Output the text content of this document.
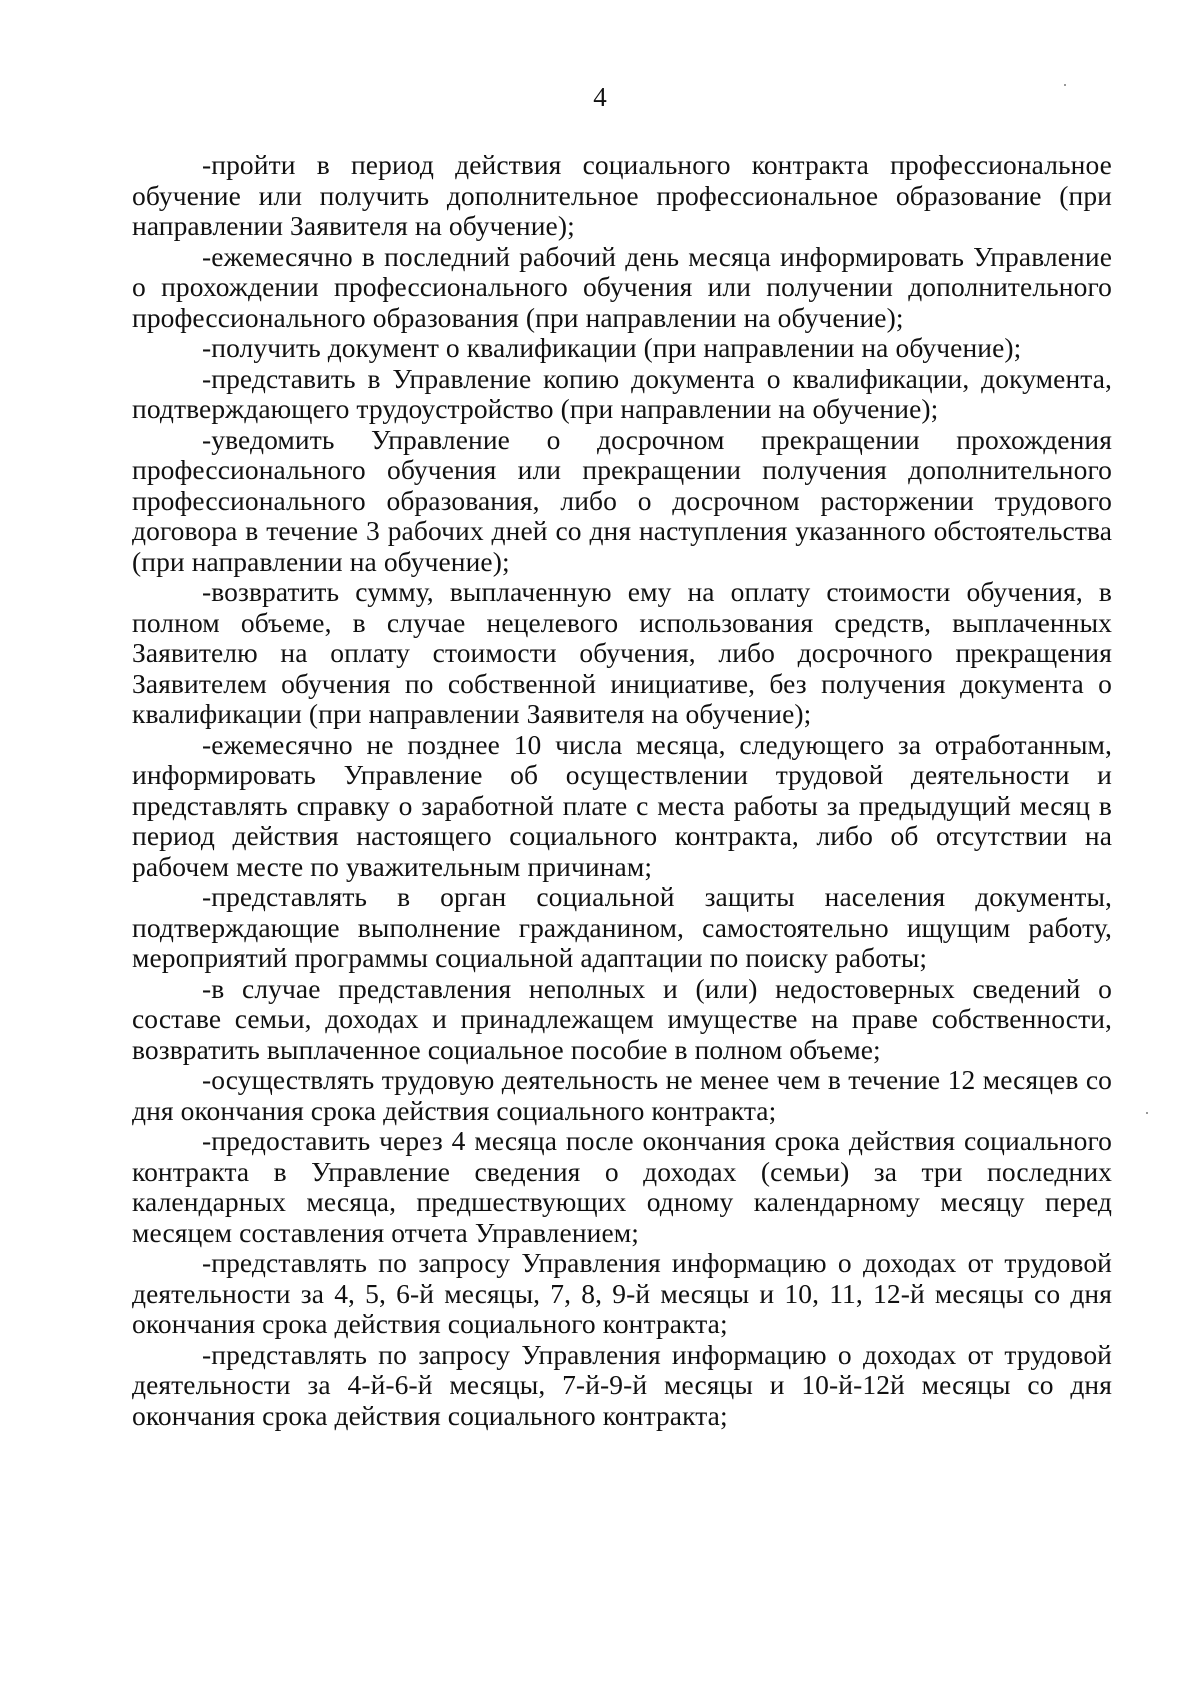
4

-пройти в период действия социального контракта профессиональное обучение или получить дополнительное профессиональное образование (при направлении Заявителя на обучение);

-ежемесячно в последний рабочий день месяца информировать Управление о прохождении профессионального обучения или получении дополнительного профессионального образования (при направлении на обучение);

-получить документ о квалификации (при направлении на обучение);

-представить в Управление копию документа о квалификации, документа, подтверждающего трудоустройство (при направлении на обучение);

-уведомить Управление о досрочном прекращении прохождения профессионального обучения или прекращении получения дополнительного профессионального образования, либо о досрочном расторжении трудового договора в течение 3 рабочих дней со дня наступления указанного обстоятельства (при направлении на обучение);

-возвратить сумму, выплаченную ему на оплату стоимости обучения, в полном объеме, в случае нецелевого использования средств, выплаченных Заявителю на оплату стоимости обучения, либо досрочного прекращения Заявителем обучения по собственной инициативе, без получения документа о квалификации (при направлении Заявителя на обучение);

-ежемесячно не позднее 10 числа месяца, следующего за отработанным, информировать Управление об осуществлении трудовой деятельности и представлять справку о заработной плате с места работы за предыдущий месяц в период действия настоящего социального контракта, либо об отсутствии на рабочем месте по уважительным причинам;

-представлять в орган социальной защиты населения документы, подтверждающие выполнение гражданином, самостоятельно ищущим работу, мероприятий программы социальной адаптации по поиску работы;

-в случае представления неполных и (или) недостоверных сведений о составе семьи, доходах и принадлежащем имуществе на праве собственности, возвратить выплаченное социальное пособие в полном объеме;

-осуществлять трудовую деятельность не менее чем в течение 12 месяцев со дня окончания срока действия социального контракта;

-предоставить через 4 месяца после окончания срока действия социального контракта в Управление сведения о доходах (семьи) за три последних календарных месяца, предшествующих одному календарному месяцу перед месяцем составления отчета Управлением;

-представлять по запросу Управления информацию о доходах от трудовой деятельности за 4, 5, 6-й месяцы, 7, 8, 9-й месяцы и 10, 11, 12-й месяцы со дня окончания срока действия социального контракта;

-представлять по запросу Управления информацию о доходах от трудовой деятельности за 4-й-6-й месяцы, 7-й-9-й месяцы и 10-й-12й месяцы со дня окончания срока действия социального контракта;
